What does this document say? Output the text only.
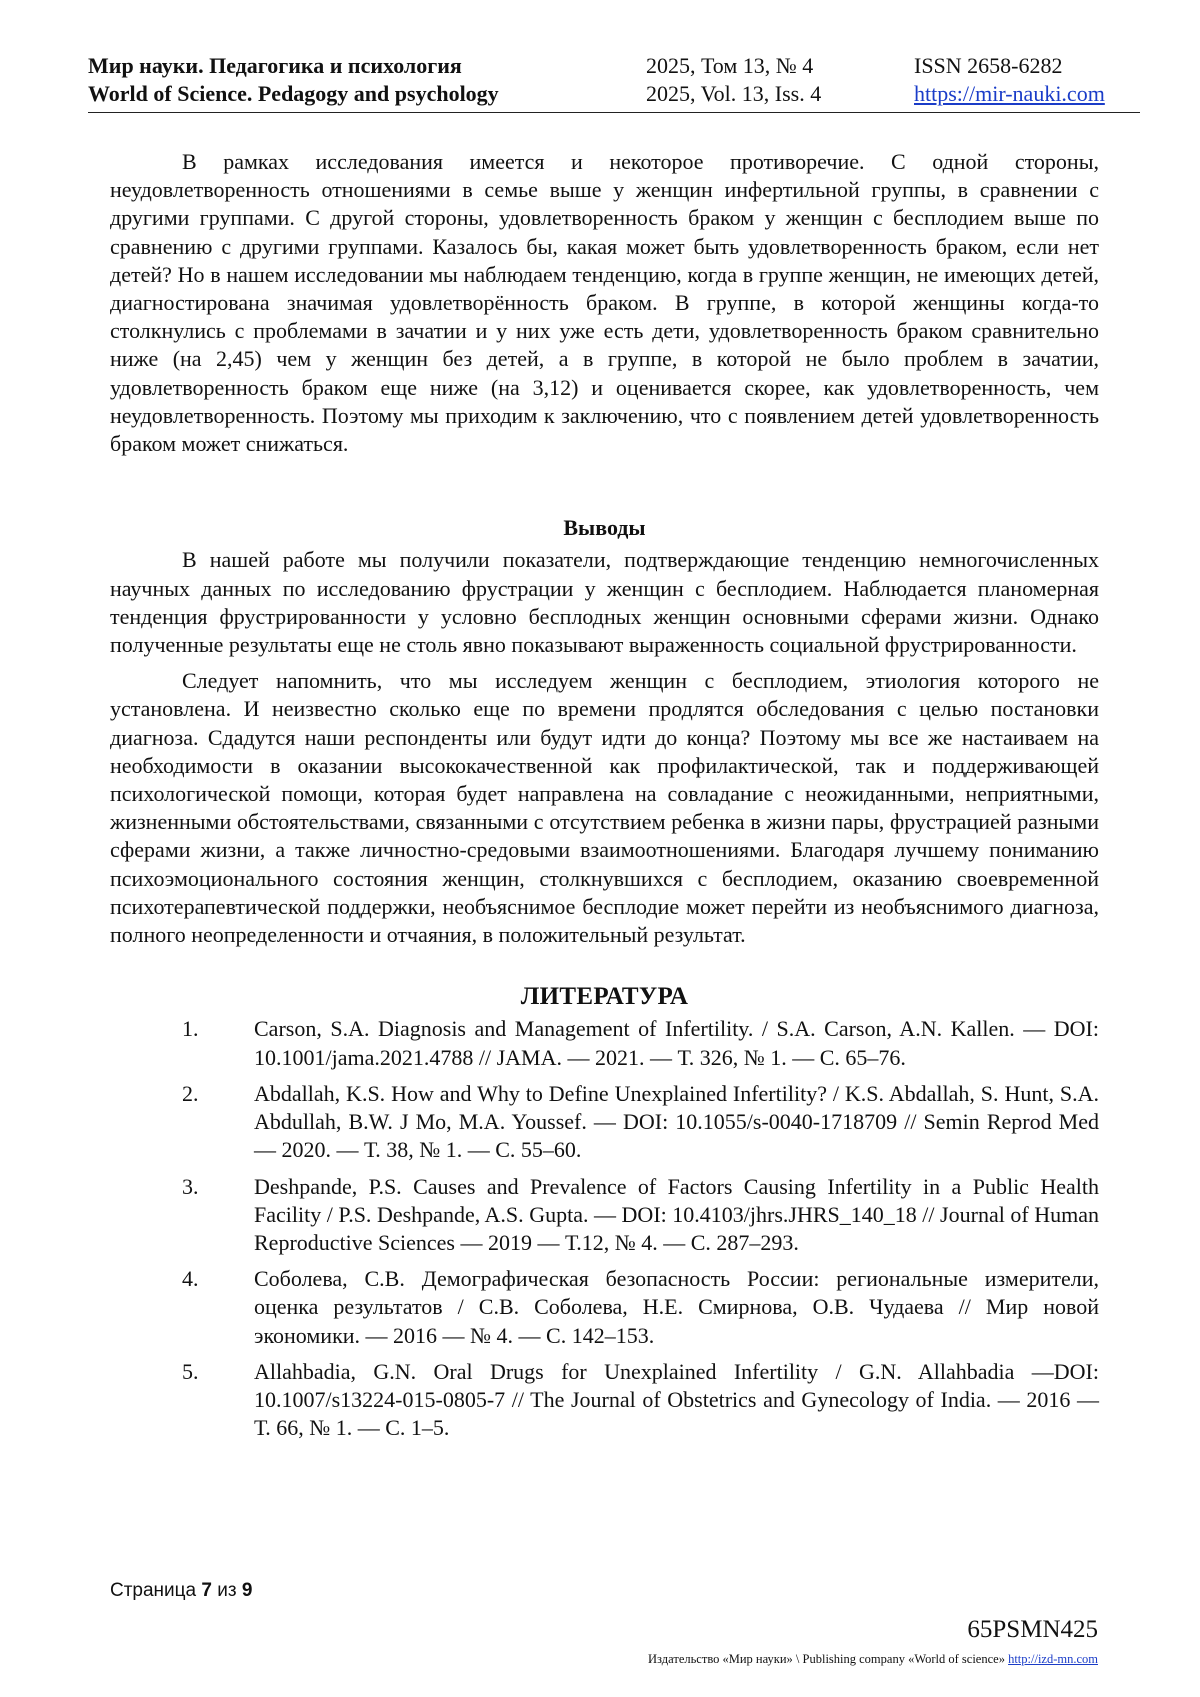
Мир науки. Педагогика и психология
World of Science. Pedagogy and psychology
2025, Том 13, № 4
2025, Vol. 13, Iss. 4
ISSN 2658-6282
https://mir-nauki.com

В рамках исследования имеется и некоторое противоречие. С одной стороны, неудовлетворенность отношениями в семье выше у женщин инфертильной группы, в сравнении с другими группами. С другой стороны, удовлетворенность браком у женщин с бесплодием выше по сравнению с другими группами. Казалось бы, какая может быть удовлетворенность браком, если нет детей? Но в нашем исследовании мы наблюдаем тенденцию, когда в группе женщин, не имеющих детей, диагностирована значимая удовлетворённость браком. В группе, в которой женщины когда-то столкнулись с проблемами в зачатии и у них уже есть дети, удовлетворенность браком сравнительно ниже (на 2,45) чем у женщин без детей, а в группе, в которой не было проблем в зачатии, удовлетворенность браком еще ниже (на 3,12) и оценивается скорее, как удовлетворенность, чем неудовлетворенность. Поэтому мы приходим к заключению, что с появлением детей удовлетворенность браком может снижаться.

Выводы

В нашей работе мы получили показатели, подтверждающие тенденцию немногочисленных научных данных по исследованию фрустрации у женщин с бесплодием. Наблюдается планомерная тенденция фрустрированности у условно бесплодных женщин основными сферами жизни. Однако полученные результаты еще не столь явно показывают выраженность социальной фрустрированности.

Следует напомнить, что мы исследуем женщин с бесплодием, этиология которого не установлена. И неизвестно сколько еще по времени продлятся обследования с целью постановки диагноза. Сдадутся наши респонденты или будут идти до конца? Поэтому мы все же настаиваем на необходимости в оказании высококачественной как профилактической, так и поддерживающей психологической помощи, которая будет направлена на совладание с неожиданными, неприятными, жизненными обстоятельствами, связанными с отсутствием ребенка в жизни пары, фрустрацией разными сферами жизни, а также личностно-средовыми взаимоотношениями. Благодаря лучшему пониманию психоэмоционального состояния женщин, столкнувшихся с бесплодием, оказанию своевременной психотерапевтической поддержки, необъяснимое бесплодие может перейти из необъяснимого диагноза, полного неопределенности и отчаяния, в положительный результат.

ЛИТЕРАТУРА

1.	Carson, S.A. Diagnosis and Management of Infertility. / S.A. Carson, A.N. Kallen. — DOI: 10.1001/jama.2021.4788 // JAMA. — 2021. — Т. 326, № 1. — С. 65–76.
2.	Abdallah, K.S. How and Why to Define Unexplained Infertility? / K.S. Abdallah, S. Hunt, S.A. Abdullah, B.W. J Mo, M.A. Youssef. — DOI: 10.1055/s-0040-1718709 // Semin Reprod Med — 2020. — Т. 38, № 1. — С. 55–60.
3.	Deshpande, P.S. Causes and Prevalence of Factors Causing Infertility in a Public Health Facility / P.S. Deshpande, A.S. Gupta. — DOI: 10.4103/jhrs.JHRS_140_18 // Journal of Human Reproductive Sciences — 2019 — Т.12, № 4. — С. 287–293.
4.	Соболева, С.В. Демографическая безопасность России: региональные измерители, оценка результатов / С.В. Соболева, Н.Е. Смирнова, О.В. Чудаева // Мир новой экономики. — 2016 — № 4. — С. 142–153.
5.	Allahbadia, G.N. Oral Drugs for Unexplained Infertility / G.N. Allahbadia —DOI: 10.1007/s13224-015-0805-7 // The Journal of Obstetrics and Gynecology of India. — 2016 — Т. 66, № 1. — С. 1–5.
Страница 7 из 9
65PSMN425
Издательство «Мир науки» \ Publishing company «World of science» http://izd-mn.com
